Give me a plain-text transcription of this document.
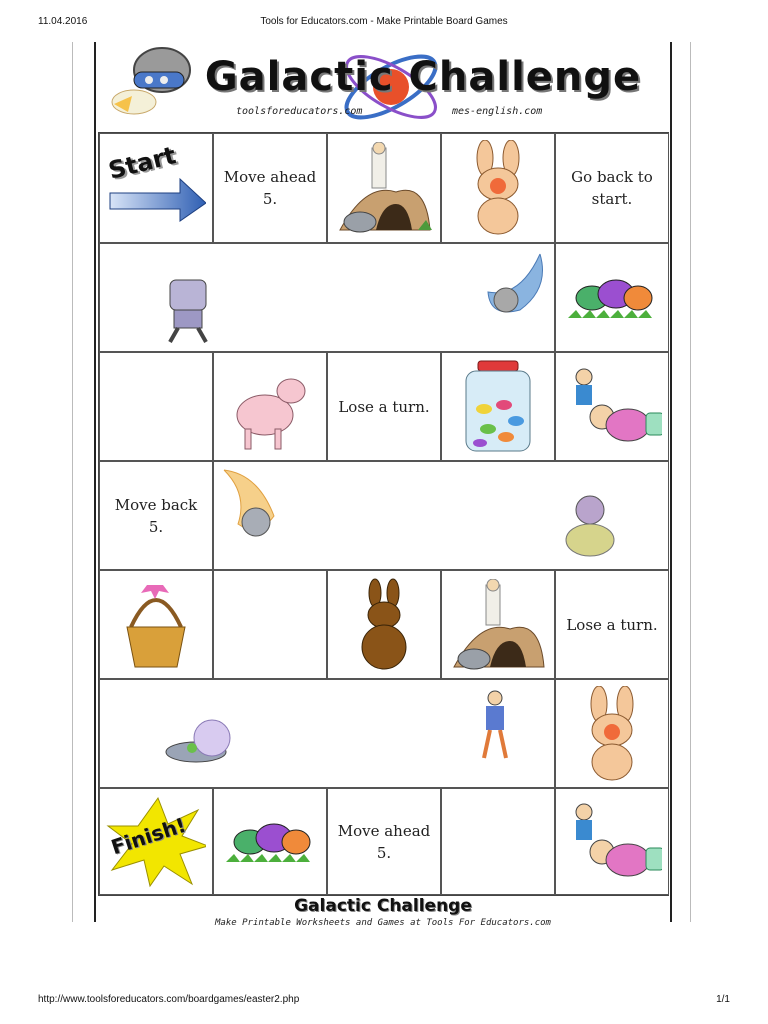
11.04.2016	Tools for Educators.com - Make Printable Board Games
Galactic Challenge
toolsforeducators.com	mes-english.com
Start	Move ahead 5.
Go back to start.
Lose a turn.
Move back 5.
Lose a turn.
Finish!	Move ahead 5.
Galactic Challenge
Make Printable Worksheets and Games at Tools For Educators.com
http://www.toolsforeducators.com/boardgames/easter2.php	1/1
